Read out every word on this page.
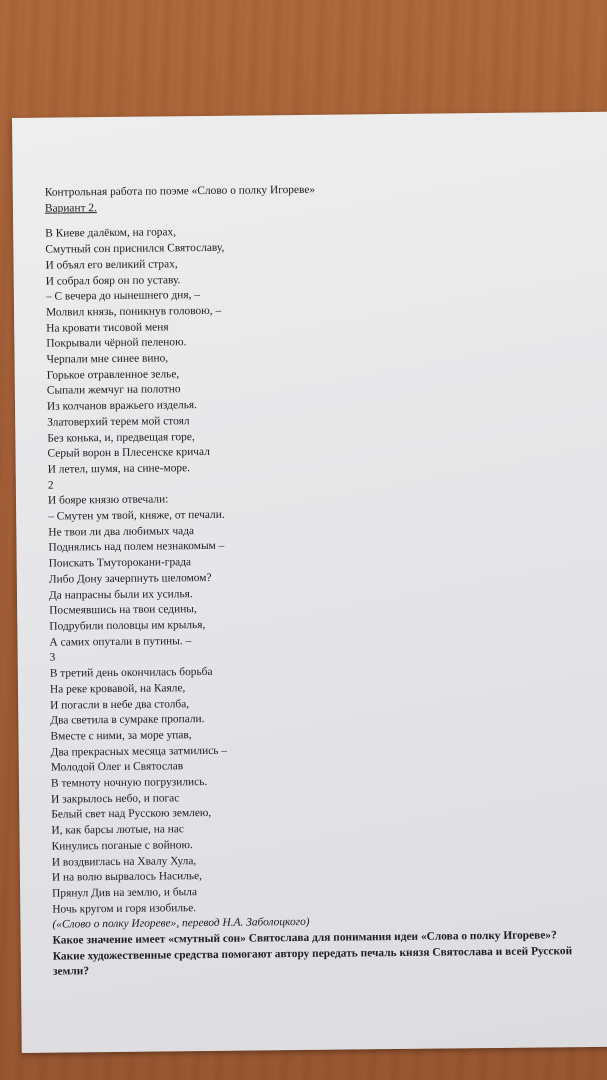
Контрольная работа по поэме «Слово о полку Игореве»

Вариант 2.

В Киеве далёком, на горах,
Смутный сон приснился Святославу,
И объял его великий страх,
И собрал бояр он по уставу.
– С вечера до нынешнего дня, –
Молвил князь, поникнув головою, –
На кровати тисовой меня
Покрывали чёрной пеленою.
Черпали мне синее вино,
Горькое отравленное зелье,
Сыпали жемчуг на полотно
Из колчанов вражьего изделья.
Златоверхий терем мой стоял
Без конька, и, предвещая горе,
Серый ворон в Плесенске кричал
И летел, шумя, на сине-море.
2
И бояре князю отвечали:
– Смутен ум твой, княже, от печали.
Не твои ли два любимых чада
Поднялись над полем незнакомым –
Поискать Тмуторокани-града
Либо Дону зачерпнуть шеломом?
Да напрасны были их усилья.
Посмеявшись на твои седины,
Подрубили половцы им крылья,
А самих опутали в путины. –
3
В третий день окончилась борьба
На реке кровавой, на Каяле,
И погасли в небе два столба,
Два светила в сумраке пропали.
Вместе с ними, за море упав,
Два прекрасных месяца затмились –
Молодой Олег и Святослав
В темноту ночную погрузились.
И закрылось небо, и погас
Белый свет над Русскою землею,
И, как барсы лютые, на нас
Кинулись поганые с войною.
И воздвиглась на Хвалу Хула,
И на волю вырвалось Насилье,
Прянул Див на землю, и была
Ночь кругом и горя изобилье.

(«Слово о полку Игореве», перевод Н.А. Заболоцкого)

Какое значение имеет «смутный сон» Святослава для понимания идеи «Слова о полку Игореве»?
Какие художественные средства помогают автору передать печаль князя Святослава и всей Русской земли?
